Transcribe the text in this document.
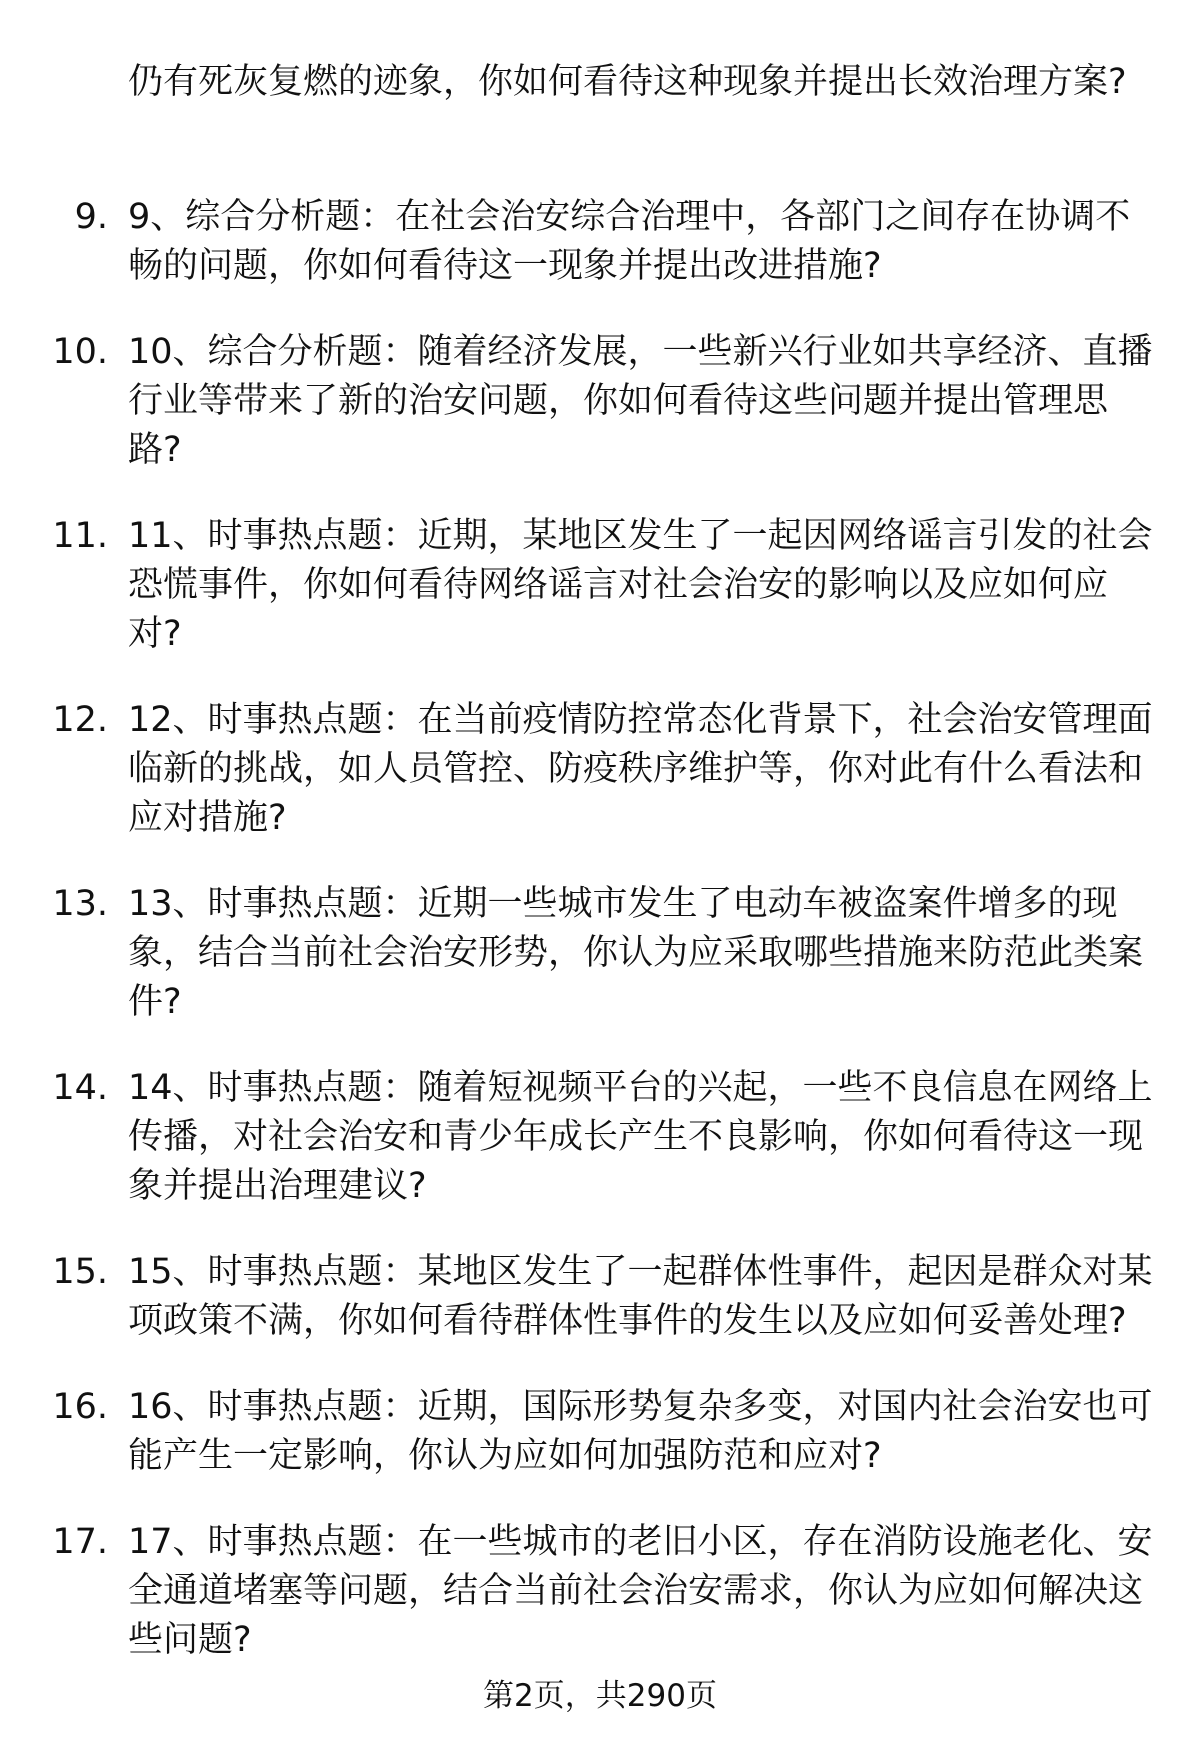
仍有死灰复燃的迹象，你如何看待这种现象并提出长效治理方案?
9. 9、综合分析题：在社会治安综合治理中，各部门之间存在协调不畅的问题，你如何看待这一现象并提出改进措施?
10. 10、综合分析题：随着经济发展，一些新兴行业如共享经济、直播行业等带来了新的治安问题，你如何看待这些问题并提出管理思路?
11. 11、时事热点题：近期，某地区发生了一起因网络谣言引发的社会恐慌事件，你如何看待网络谣言对社会治安的影响以及应如何应对?
12. 12、时事热点题：在当前疫情防控常态化背景下，社会治安管理面临新的挑战，如人员管控、防疫秩序维护等，你对此有什么看法和应对措施?
13. 13、时事热点题：近期一些城市发生了电动车被盗案件增多的现象，结合当前社会治安形势，你认为应采取哪些措施来防范此类案件?
14. 14、时事热点题：随着短视频平台的兴起，一些不良信息在网络上传播，对社会治安和青少年成长产生不良影响，你如何看待这一现象并提出治理建议?
15. 15、时事热点题：某地区发生了一起群体性事件，起因是群众对某项政策不满，你如何看待群体性事件的发生以及应如何妥善处理?
16. 16、时事热点题：近期，国际形势复杂多变，对国内社会治安也可能产生一定影响，你认为应如何加强防范和应对?
17. 17、时事热点题：在一些城市的老旧小区，存在消防设施老化、安全通道堵塞等问题，结合当前社会治安需求，你认为应如何解决这些问题?
第2页，共290页
